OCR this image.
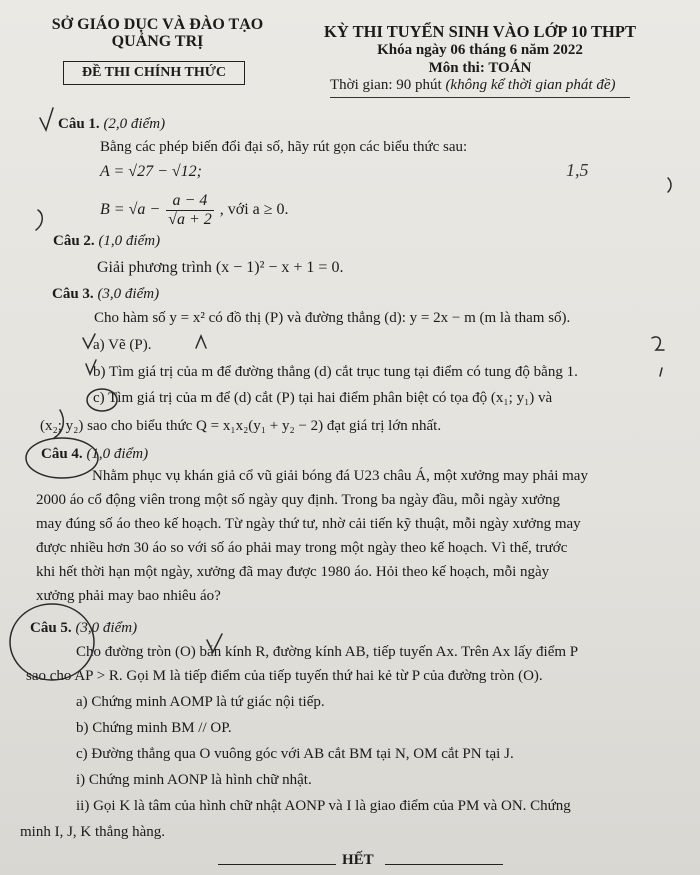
SỞ GIÁO DỤC VÀ ĐÀO TẠO
QUẢNG TRỊ
ĐỀ THI CHÍNH THỨC
KỲ THI TUYỂN SINH VÀO LỚP 10 THPT
Khóa ngày 06 tháng 6 năm 2022
Môn thi: TOÁN
Thời gian: 90 phút (không kể thời gian phát đề)
Câu 1. (2,0 điểm)
Bằng các phép biến đổi đại số, hãy rút gọn các biểu thức sau:
A = √27 − √12;
$B = √a - \frac{a - 4}{√a + 2}$ , với a ≥ 0.
Câu 2. (1,0 điểm)
Giải phương trình (x − 1)² − x + 1 = 0.
Câu 3. (3,0 điểm)
Cho hàm số y = x² có đồ thị (P) và đường thẳng (d): y = 2x − m (m là tham số).
a) Vẽ (P).
b) Tìm giá trị của m để đường thẳng (d) cắt trục tung tại điểm có tung độ bằng 1.
c) Tìm giá trị của m để (d) cắt (P) tại hai điểm phân biệt có tọa độ (x₁; y₁) và
(x₂; y₂) sao cho biểu thức Q = x₁x₂(y₁ + y₂ − 2) đạt giá trị lớn nhất.
Câu 4. (1,0 điểm)
Nhằm phục vụ khán giả cổ vũ giải bóng đá U23 châu Á, một xưởng may phải may
2000 áo cổ động viên trong một số ngày quy định. Trong ba ngày đầu, mỗi ngày xưởng
may đúng số áo theo kế hoạch. Từ ngày thứ tư, nhờ cải tiến kỹ thuật, mỗi ngày xưởng may
được nhiều hơn 30 áo so với số áo phải may trong một ngày theo kế hoạch. Vì thế, trước
khi hết thời hạn một ngày, xưởng đã may được 1980 áo. Hỏi theo kế hoạch, mỗi ngày
xưởng phải may bao nhiêu áo?
Câu 5. (3,0 điểm)
Cho đường tròn (O) bán kính R, đường kính AB, tiếp tuyến Ax. Trên Ax lấy điểm P
sao cho AP > R. Gọi M là tiếp điểm của tiếp tuyến thứ hai kẻ từ P của đường tròn (O).
a) Chứng minh AOMP là tứ giác nội tiếp.
b) Chứng minh BM // OP.
c) Đường thẳng qua O vuông góc với AB cắt BM tại N, OM cắt PN tại J.
i) Chứng minh AONP là hình chữ nhật.
ii) Gọi K là tâm của hình chữ nhật AONP và I là giao điểm của PM và ON. Chứng
minh I, J, K thẳng hàng.
HẾT
1,5
